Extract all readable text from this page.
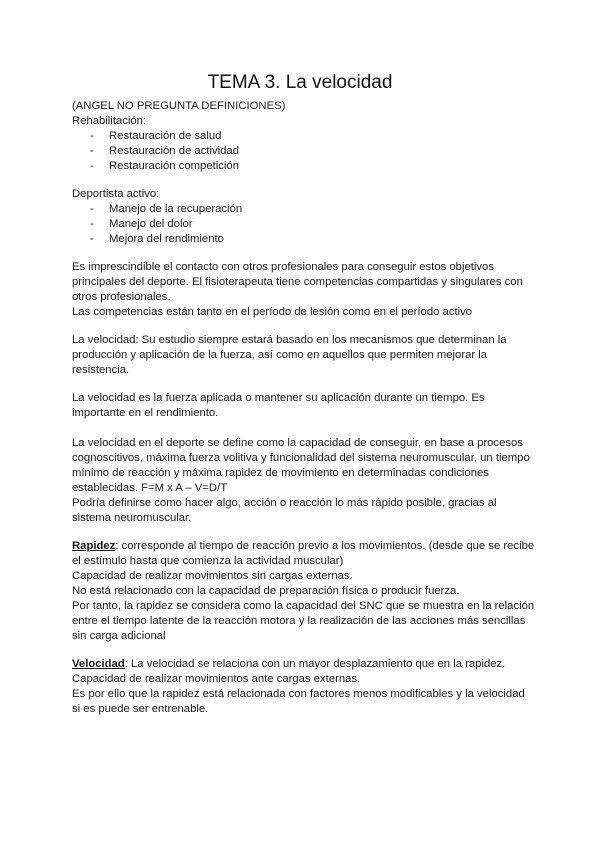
TEMA 3. La velocidad
(ANGEL NO PREGUNTA DEFINICIONES)
Rehabilitación:
- Restauración de salud
- Restauración de actividad
- Restauración competición
Deportista activo:
- Manejo de la recuperación
- Manejo del dolor
- Mejora del rendimiento
Es imprescindible el contacto con otros profesionales para conseguir estos objetivos
principales del deporte. El fisioterapeuta tiene competencias compartidas y singulares con
otros profesionales.
Las competencias están tanto en el período de lesión como en el período activo
La velocidad: Su estudio siempre estará basado en los mecanismos que determinan la
producción y aplicación de la fuerza, así como en aquellos que permiten mejorar la
resistencia.
La velocidad es la fuerza aplicada o mantener su aplicación durante un tiempo. Es
importante en el rendimiento.
La velocidad en el deporte se define como la capacidad de conseguir, en base a procesos
cognoscitivos, máxima fuerza volitiva y funcionalidad del sistema neuromuscular, un tiempo
mínimo de reacción y máxima rapidez de movimiento en determinadas condiciones
establecidas. F=M x A – V=D/T
Podría definirse como hacer algo, acción o reacción lo más rápido posible, gracias al
sistema neuromuscular.
Rapidez: corresponde al tiempo de reacción previo a los movimientos. (desde que se recibe
el estímulo hasta que comienza la actividad muscular)
Capacidad de realizar movimientos sin cargas externas.
No está relacionado con la capacidad de preparación física o producir fuerza.
Por tanto, la rapidez se considera como la capacidad del SNC que se muestra en la relación
entre el tiempo latente de la reacción motora y la realización de las acciones más sencillas
sin carga adicional
Velocidad: La velocidad se relaciona con un mayor desplazamiento que en la rapidez.
Capacidad de realizar movimientos ante cargas externas.
Es por ello que la rapidez está relacionada con factores menos modificables y la velocidad
si es puede ser entrenable.
